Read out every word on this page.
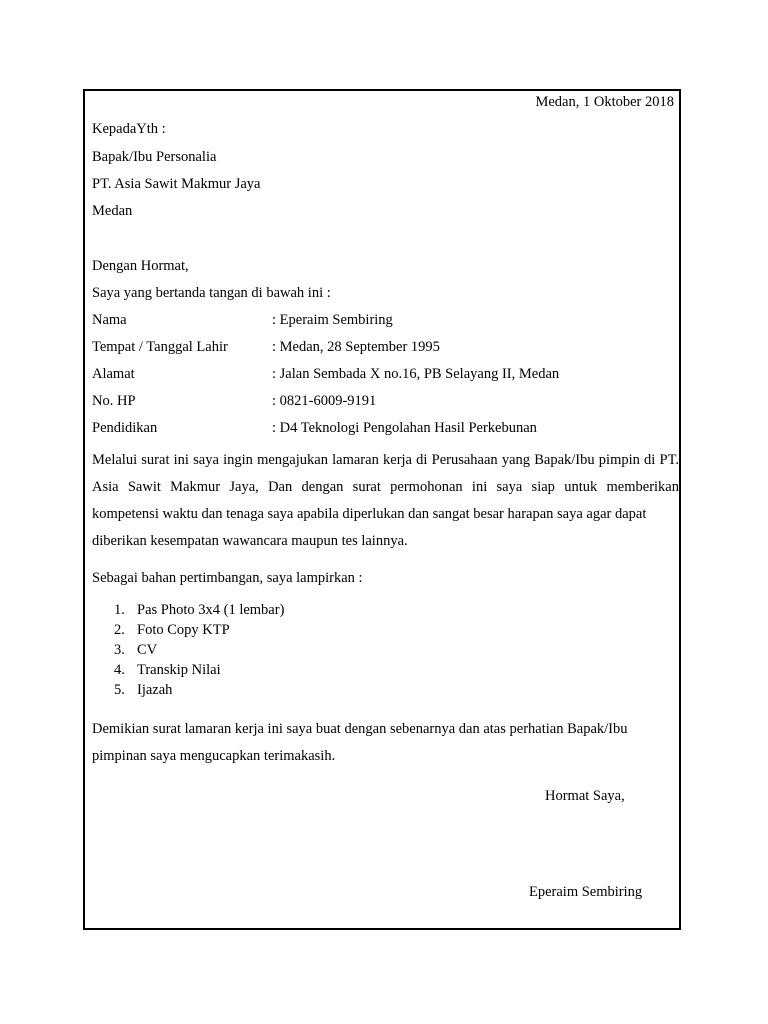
Medan, 1 Oktober 2018
KepadaYth :
Bapak/Ibu Personalia
PT. Asia Sawit Makmur Jaya
Medan
Dengan Hormat,
Saya yang bertanda tangan di bawah ini :
Nama	: Eperaim Sembiring
Tempat / Tanggal Lahir	: Medan, 28 September 1995
Alamat	: Jalan Sembada X no.16, PB Selayang II, Medan
No. HP	: 0821-6009-9191
Pendidikan	: D4 Teknologi Pengolahan Hasil Perkebunan

Melalui surat ini saya ingin mengajukan lamaran kerja di Perusahaan yang Bapak/Ibu pimpin di PT. Asia Sawit Makmur Jaya, Dan dengan surat permohonan ini saya siap untuk memberikan kompetensi waktu dan tenaga saya apabila diperlukan dan sangat besar harapan saya agar dapat
diberikan kesempatan wawancara maupun tes lainnya.

Sebagai bahan pertimbangan, saya lampirkan :
1. Pas Photo 3x4 (1 lembar)
2. Foto Copy KTP
3. CV
4. Transkip Nilai
5. Ijazah

Demikian surat lamaran kerja ini saya buat dengan sebenarnya dan atas perhatian Bapak/Ibu
pimpinan saya mengucapkan terimakasih.

Hormat Saya,
Eperaim Sembiring
